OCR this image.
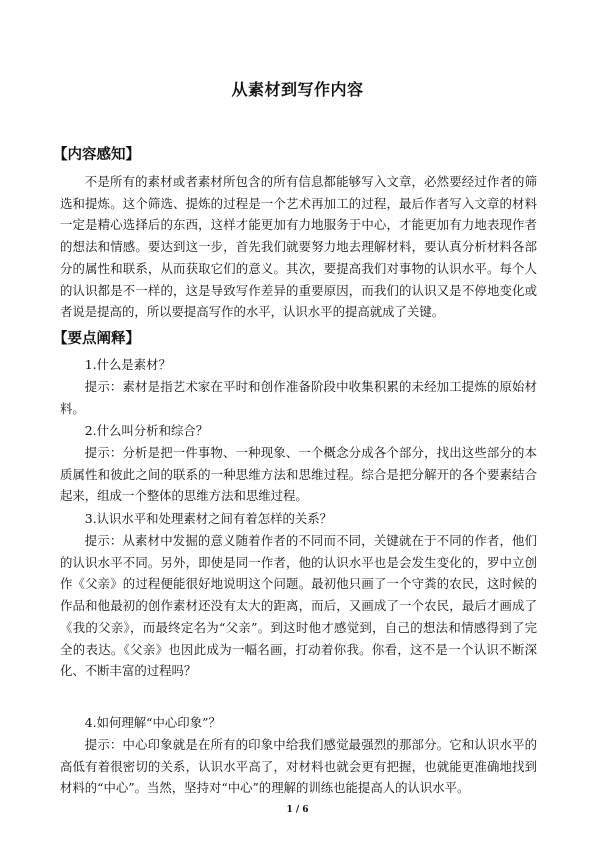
从素材到写作内容
【内容感知】

不是所有的素材或者素材所包含的所有信息都能够写入文章，必然要经过作者的筛选和提炼。这个筛选、提炼的过程是一个艺术再加工的过程，最后作者写入文章的材料一定是精心选择后的东西，这样才能更加有力地服务于中心，才能更加有力地表现作者的想法和情感。要达到这一步，首先我们就要努力地去理解材料，要认真分析材料各部分的属性和联系，从而获取它们的意义。其次，要提高我们对事物的认识水平。每个人的认识都是不一样的，这是导致写作差异的重要原因，而我们的认识又是不停地变化或者说是提高的，所以要提高写作的水平，认识水平的提高就成了关键。

【要点阐释】

1.什么是素材？

提示：素材是指艺术家在平时和创作准备阶段中收集积累的未经加工提炼的原始材料。

2.什么叫分析和综合？

提示：分析是把一件事物、一种现象、一个概念分成各个部分，找出这些部分的本质属性和彼此之间的联系的一种思维方法和思维过程。综合是把分解开的各个要素结合起来，组成一个整体的思维方法和思维过程。

3.认识水平和处理素材之间有着怎样的关系？

提示：从素材中发掘的意义随着作者的不同而不同，关键就在于不同的作者，他们的认识水平不同。另外，即使是同一作者，他的认识水平也是会发生变化的，罗中立创作《父亲》的过程便能很好地说明这个问题。最初他只画了一个守粪的农民，这时候的作品和他最初的创作素材还没有太大的距离，而后，又画成了一个农民，最后才画成了《我的父亲》，而最终定名为“父亲”。到这时他才感觉到，自己的想法和情感得到了完全的表达。《父亲》也因此成为一幅名画，打动着你我。你看，这不是一个认识不断深化、不断丰富的过程吗？

4.如何理解“中心印象”？

提示：中心印象就是在所有的印象中给我们感觉最强烈的那部分。它和认识水平的高低有着很密切的关系，认识水平高了，对材料也就会更有把握，也就能更准确地找到材料的“中心”。当然，坚持对“中心”的理解的训练也能提高人的认识水平。

1 / 6
